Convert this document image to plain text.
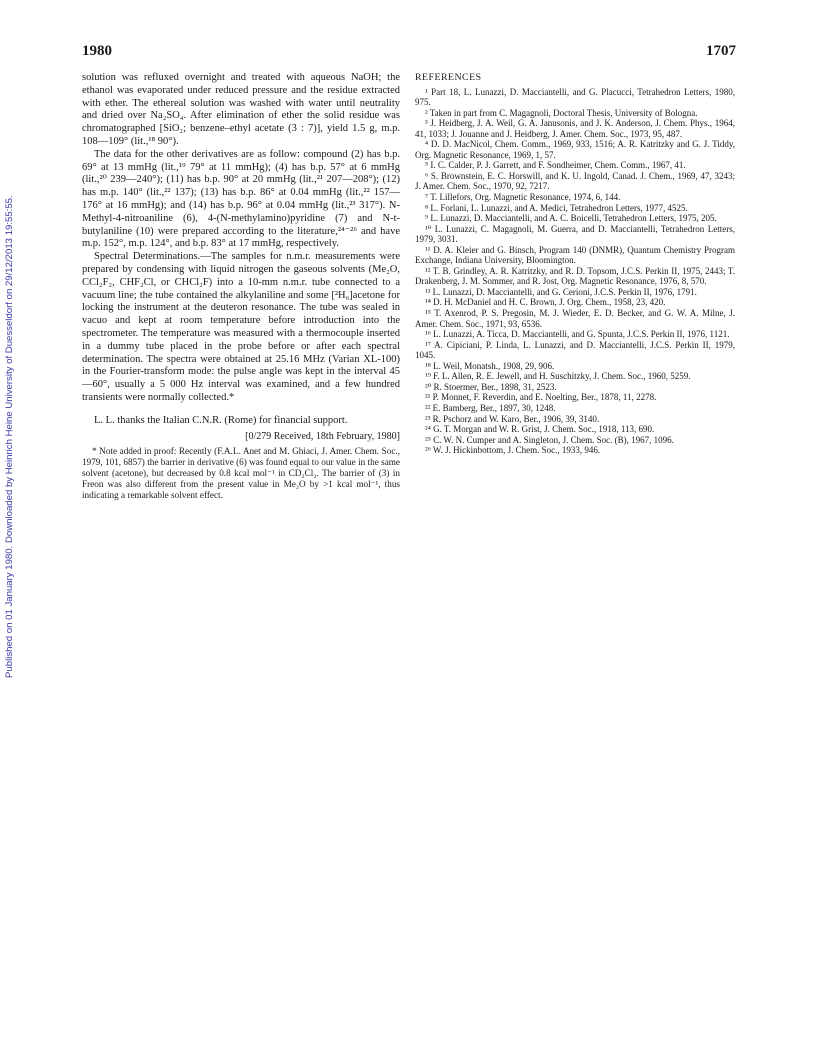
Published on 01 January 1980. Downloaded by Heinrich Heine University of Duesseldorf on 29/12/2013 19:55:55.
1980	1707

solution was refluxed overnight and treated with aqueous NaOH; the ethanol was evaporated under reduced pressure and the residue extracted with ether. The ethereal solution was washed with water until neutrality and dried over Na₂SO₄. After elimination of ether the solid residue was chromatographed [SiO₂; benzene–ethyl acetate (3 : 7)], yield 1.5 g, m.p. 108—109° (lit.,¹⁸ 90°).

The data for the other derivatives are as follow: compound (2) has b.p. 69° at 13 mmHg (lit.,¹⁹ 79° at 11 mmHg); (4) has b.p. 57° at 6 mmHg (lit.,²⁰ 239—240°); (11) has b.p. 90° at 20 mmHg (lit.,²¹ 207—208°); (12) has m.p. 140° (lit.,²² 137); (13) has b.p. 86° at 0.04 mmHg (lit.,²² 157—176° at 16 mmHg); and (14) has b.p. 96° at 0.04 mmHg (lit.,²³ 317°). N-Methyl-4-nitroaniline (6), 4-(N-methylamino)pyridine (7) and N-t-butylaniline (10) were prepared according to the literature,²⁴⁻²⁶ and have m.p. 152°, m.p. 124°, and b.p. 83° at 17 mmHg, respectively.

Spectral Determinations.—The samples for n.m.r. measurements were prepared by condensing with liquid nitrogen the gaseous solvents (Me₂O, CCl₂F₂, CHF₂Cl, or CHCl₂F) into a 10-mm n.m.r. tube connected to a vacuum line; the tube contained the alkylaniline and some [²H₆]acetone for locking the instrument at the deuteron resonance. The tube was sealed in vacuo and kept at room temperature before introduction into the spectrometer. The temperature was measured with a thermocouple inserted in a dummy tube placed in the probe before or after each spectral determination. The spectra were obtained at 25.16 MHz (Varian XL-100) in the Fourier-transform mode: the pulse angle was kept in the interval 45—60°, usually a 5 000 Hz interval was examined, and a few hundred transients were normally collected.*

L. L. thanks the Italian C.N.R. (Rome) for financial support.

[0/279 Received, 18th February, 1980]

* Note added in proof: Recently (F.A.L. Anet and M. Ghiaci, J. Amer. Chem. Soc., 1979, 101, 6857) the barrier in derivative (6) was found equal to our value in the same solvent (acetone), but decreased by 0.8 kcal mol⁻¹ in CD₂Cl₂. The barrier of (3) in Freon was also different from the present value in Me₂O by >1 kcal mol⁻¹, thus indicating a remarkable solvent effect.

REFERENCES

¹ Part 18, L. Lunazzi, D. Macciantelli, and G. Placucci, Tetrahedron Letters, 1980, 975.

² Taken in part from C. Magagnoli, Doctoral Thesis, University of Bologna.

³ J. Heidberg, J. A. Weil, G. A. Janusonis, and J. K. Anderson, J. Chem. Phys., 1964, 41, 1033; J. Jouanne and J. Heidberg, J. Amer. Chem. Soc., 1973, 95, 487.

⁴ D. D. MacNicol, Chem. Comm., 1969, 933, 1516; A. R. Katritzky and G. J. Tiddy, Org. Magnetic Resonance, 1969, 1, 57.

⁵ I. C. Calder, P. J. Garrett, and F. Sondheimer, Chem. Comm., 1967, 41.

⁶ S. Brownstein, E. C. Horswill, and K. U. Ingold, Canad. J. Chem., 1969, 47, 3243; J. Amer. Chem. Soc., 1970, 92, 7217.

⁷ T. Lillefors, Org. Magnetic Resonance, 1974, 6, 144.

⁸ L. Forlani, L. Lunazzi, and A. Medici, Tetrahedron Letters, 1977, 4525.

⁹ L. Lunazzi, D. Macciantelli, and A. C. Boicelli, Tetrahedron Letters, 1975, 205.

¹⁰ L. Lunazzi, C. Magagnoli, M. Guerra, and D. Macciantelli, Tetrahedron Letters, 1979, 3031.

¹¹ D. A. Kleier and G. Binsch, Program 140 (DNMR), Quantum Chemistry Program Exchange, Indiana University, Bloomington.

¹² T. B. Grindley, A. R. Katritzky, and R. D. Topsom, J.C.S. Perkin II, 1975, 2443; T. Drakenberg, J. M. Sommer, and R. Jost, Org. Magnetic Resonance, 1976, 8, 570.

¹³ L. Lunazzi, D. Macciantelli, and G. Cerioni, J.C.S. Perkin II, 1976, 1791.

¹⁴ D. H. McDaniel and H. C. Brown, J. Org. Chem., 1958, 23, 420.

¹⁵ T. Axenrod, P. S. Pregosin, M. J. Wieder, E. D. Becker, and G. W. A. Milne, J. Amer. Chem. Soc., 1971, 93, 6536.

¹⁶ L. Lunazzi, A. Ticca, D. Macciantelli, and G. Spunta, J.C.S. Perkin II, 1976, 1121.

¹⁷ A. Cipiciani, P. Linda, L. Lunazzi, and D. Macciantelli, J.C.S. Perkin II, 1979, 1045.

¹⁸ L. Weil, Monatsh., 1908, 29, 906.

¹⁹ F. L. Allen, R. E. Jewell, and H. Suschitzky, J. Chem. Soc., 1960, 5259.

²⁰ R. Stoermer, Ber., 1898, 31, 2523.

²¹ P. Monnet, F. Reverdin, and E. Noelting, Ber., 1878, 11, 2278.

²² E. Bamberg, Ber., 1897, 30, 1248.

²³ R. Pschorz and W. Karo, Ber., 1906, 39, 3140.

²⁴ G. T. Morgan and W. R. Grist, J. Chem. Soc., 1918, 113, 690.

²⁵ C. W. N. Cumper and A. Singleton, J. Chem. Soc. (B), 1967, 1096.

²⁶ W. J. Hickinbottom, J. Chem. Soc., 1933, 946.
